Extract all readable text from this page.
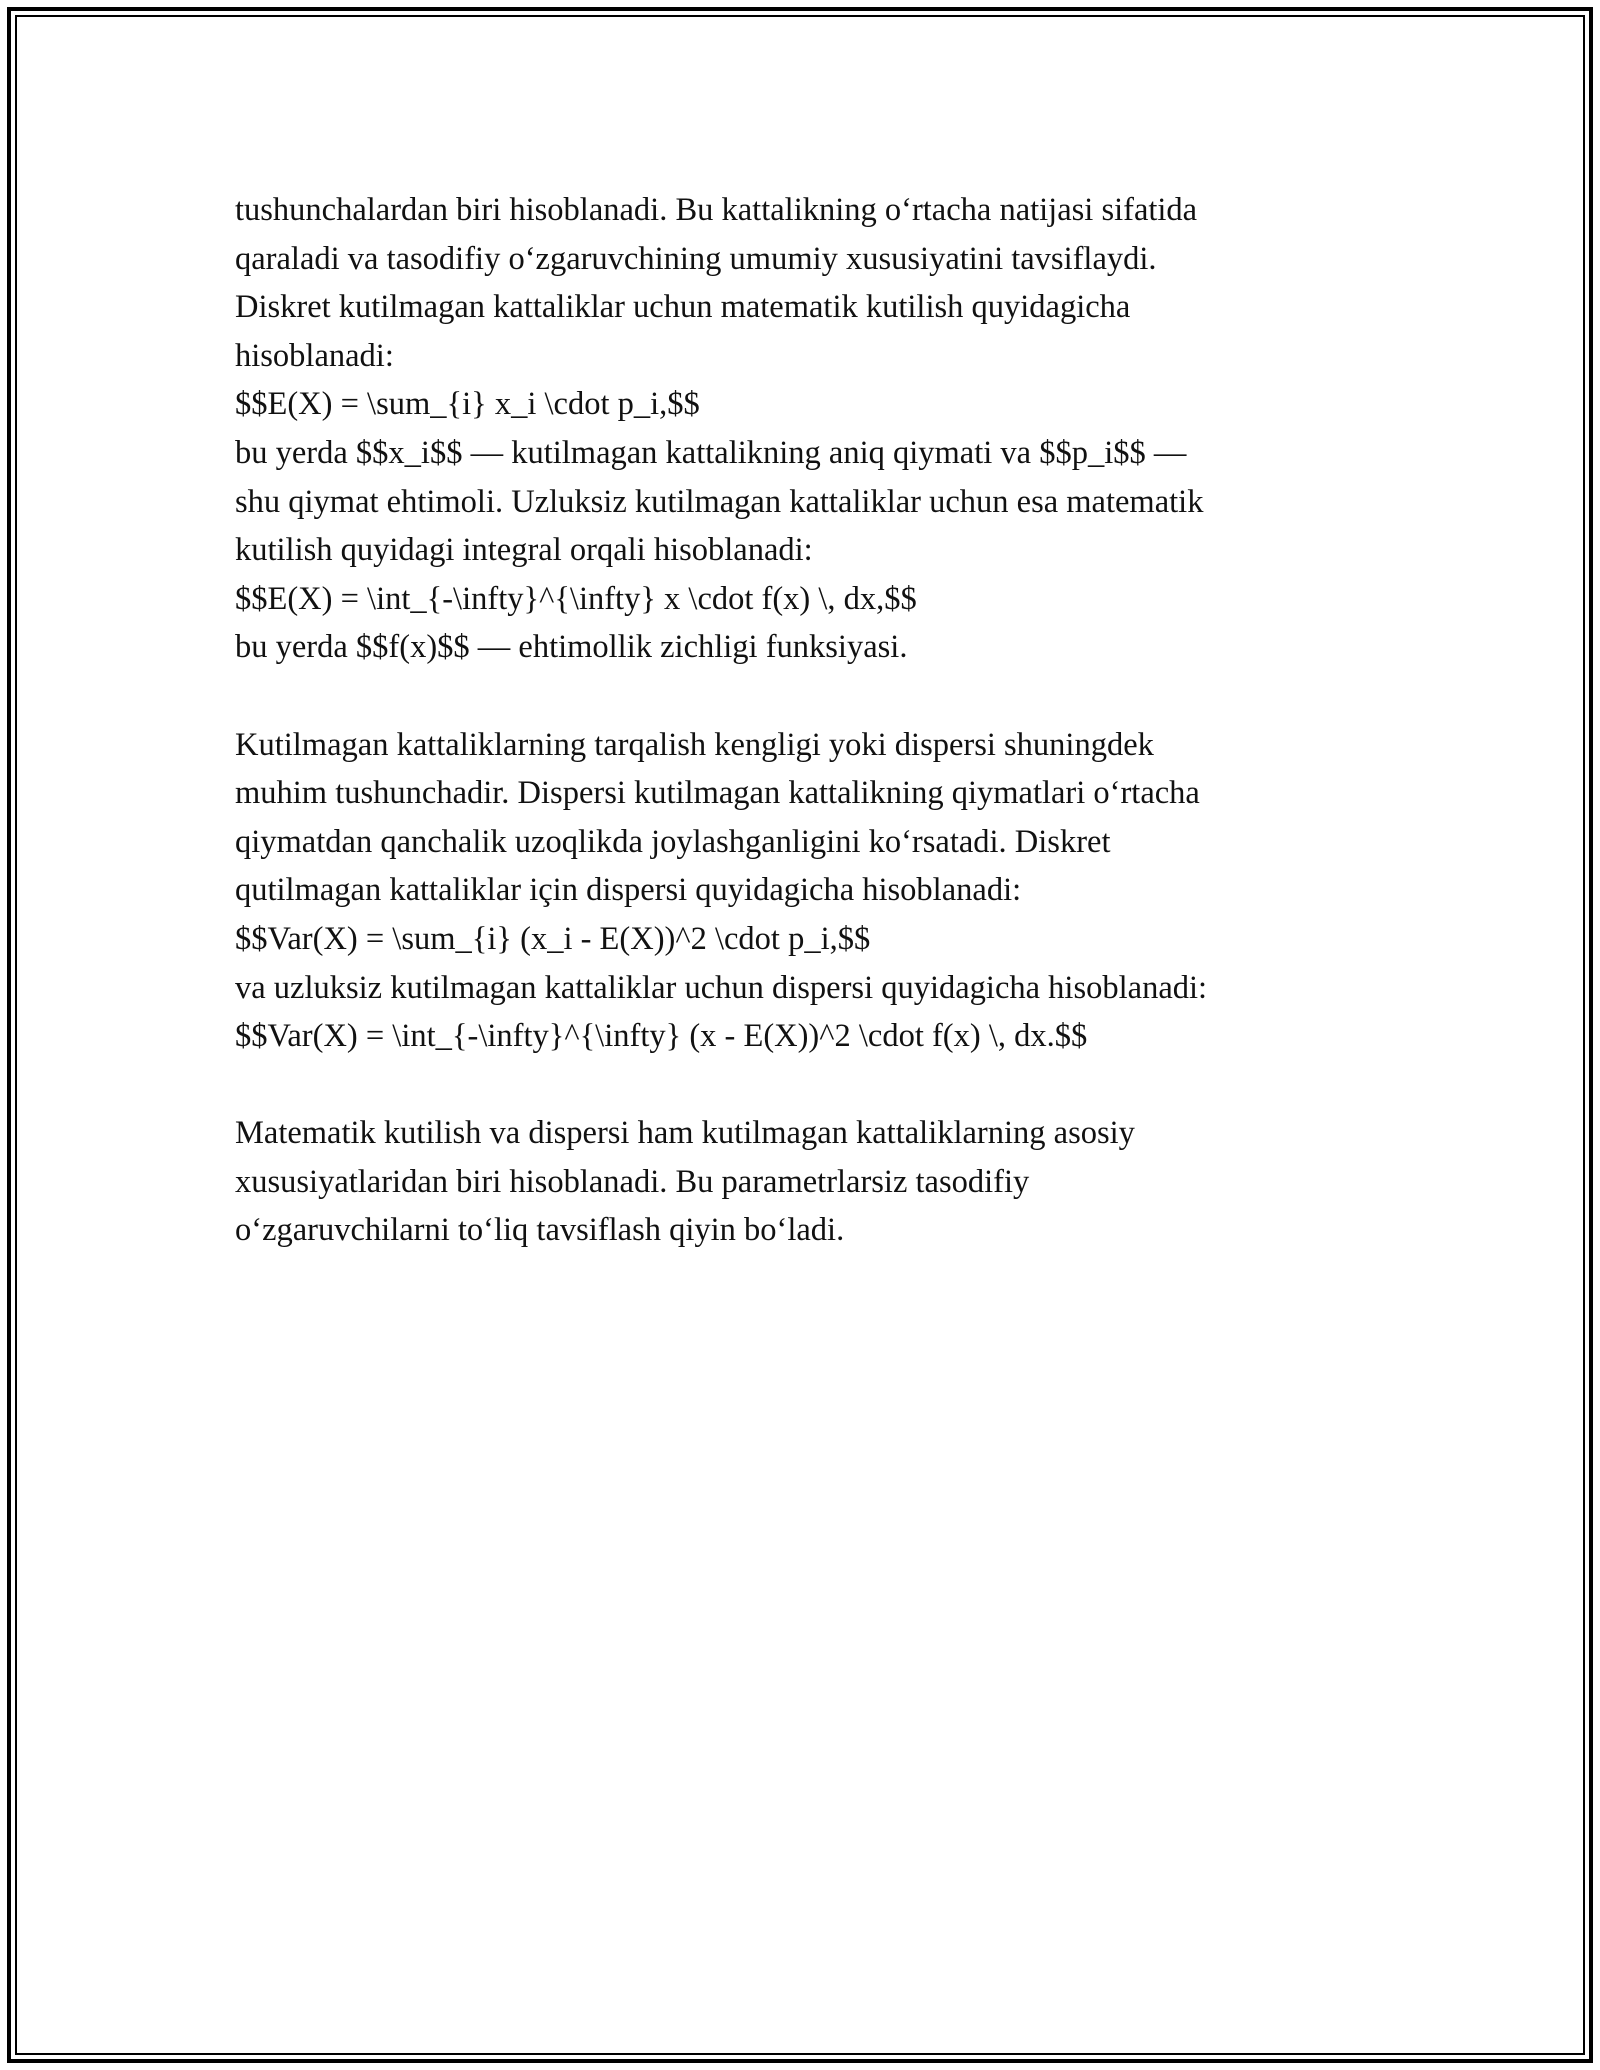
tushunchalardan biri hisoblanadi. Bu kattalikning o‘rtacha natijasi sifatida
qaraladi va tasodifiy o‘zgaruvchining umumiy xususiyatini tavsiflaydi.
Diskret kutilmagan kattaliklar uchun matematik kutilish quyidagicha
hisoblanadi:
$$E(X) = \sum_{i} x_i \cdot p_i,$$
bu yerda $$x_i$$ — kutilmagan kattalikning aniq qiymati va $$p_i$$ —
shu qiymat ehtimoli. Uzluksiz kutilmagan kattaliklar uchun esa matematik
kutilish quyidagi integral orqali hisoblanadi:
$$E(X) = \int_{-\infty}^{\infty} x \cdot f(x) \, dx,$$
bu yerda $$f(x)$$ — ehtimollik zichligi funksiyasi.

Kutilmagan kattaliklarning tarqalish kengligi yoki dispersi shuningdek
muhim tushunchadir. Dispersi kutilmagan kattalikning qiymatlari o‘rtacha
qiymatdan qanchalik uzoqlikda joylashganligini ko‘rsatadi. Diskret
qutilmagan kattaliklar için dispersi quyidagicha hisoblanadi:
$$Var(X) = \sum_{i} (x_i - E(X))^2 \cdot p_i,$$
va uzluksiz kutilmagan kattaliklar uchun dispersi quyidagicha hisoblanadi:
$$Var(X) = \int_{-\infty}^{\infty} (x - E(X))^2 \cdot f(x) \, dx.$$

Matematik kutilish va dispersi ham kutilmagan kattaliklarning asosiy
xususiyatlaridan biri hisoblanadi. Bu parametrlarsiz tasodifiy
o‘zgaruvchilarni to‘liq tavsiflash qiyin bo‘ladi.
